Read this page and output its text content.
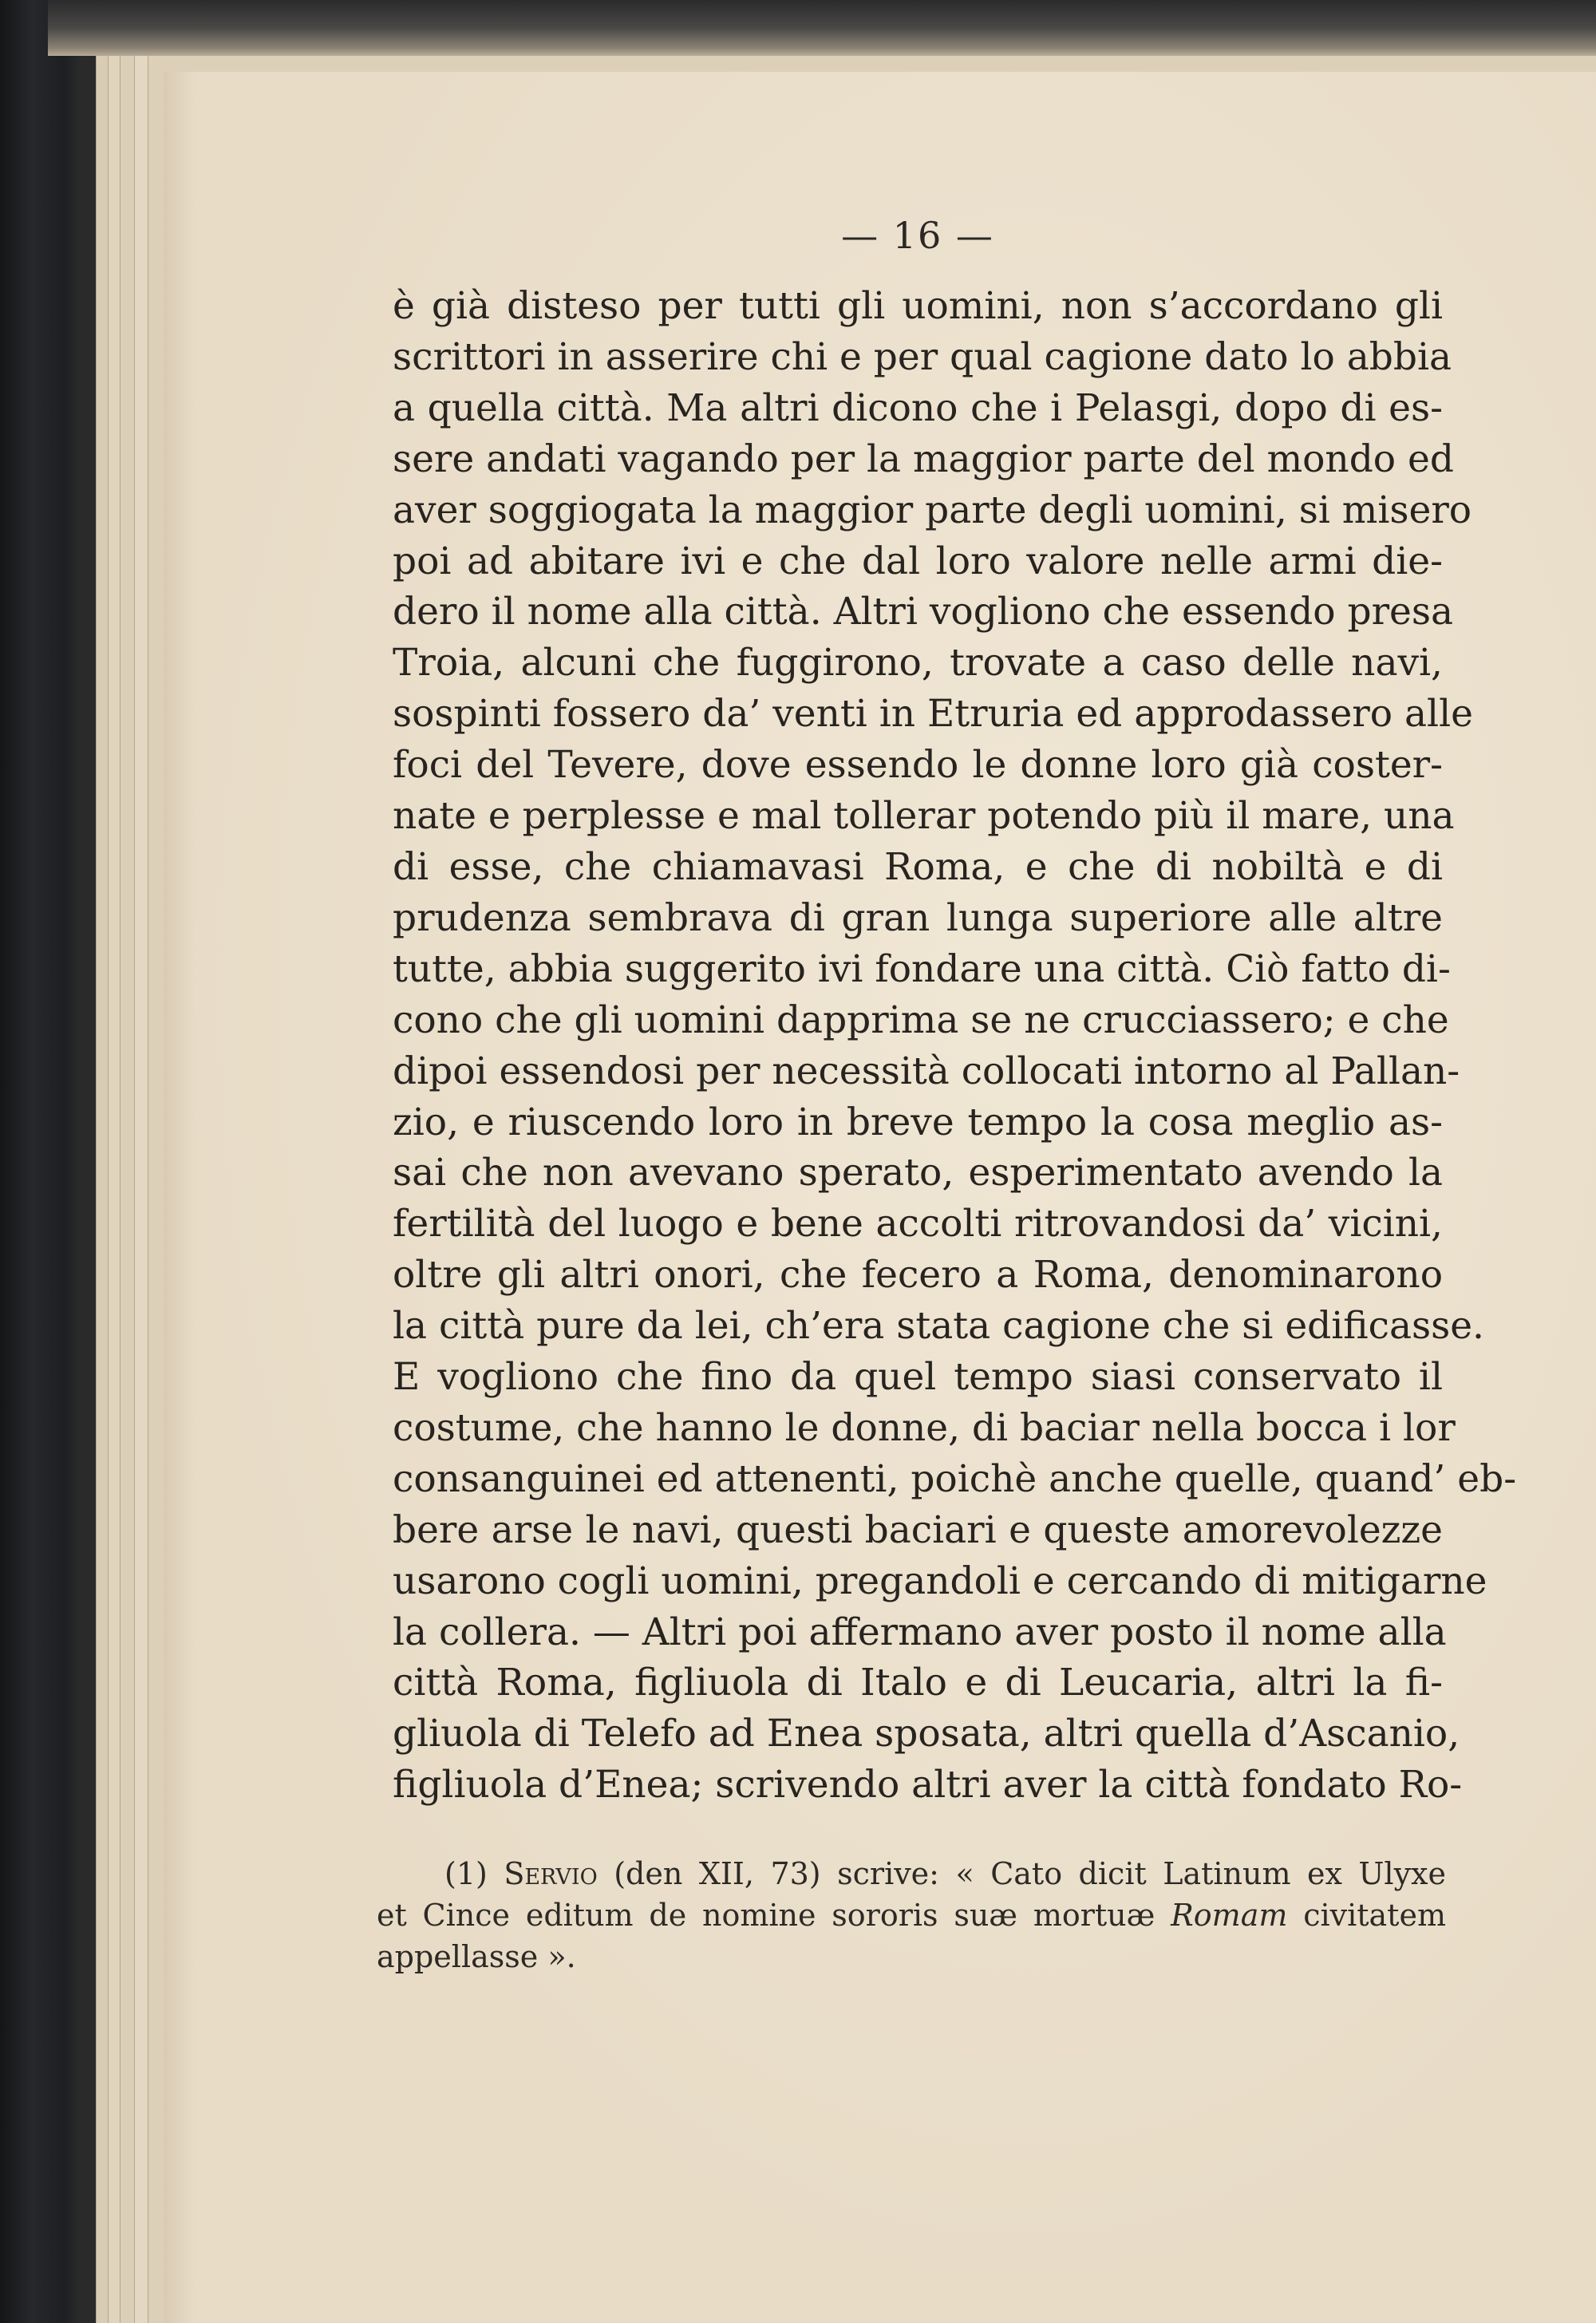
— 16 —
è già disteso per tutti gli uomini, non s’accordano gli
scrittori in asserire chi e per qual cagione dato lo abbia
a quella città. Ma altri dicono che i Pelasgi, dopo di es-
sere andati vagando per la maggior parte del mondo ed
aver soggiogata la maggior parte degli uomini, si misero
poi ad abitare ivi e che dal loro valore nelle armi die-
dero il nome alla città. Altri vogliono che essendo presa
Troia, alcuni che fuggirono, trovate a caso delle navi,
sospinti fossero da’ venti in Etruria ed approdassero alle
foci del Tevere, dove essendo le donne loro già coster-
nate e perplesse e mal tollerar potendo più il mare, una
di esse, che chiamavasi Roma, e che di nobiltà e di
prudenza sembrava di gran lunga superiore alle altre
tutte, abbia suggerito ivi fondare una città. Ciò fatto di-
cono che gli uomini dapprima se ne crucciassero; e che
dipoi essendosi per necessità collocati intorno al Pallan-
zio, e riuscendo loro in breve tempo la cosa meglio as-
sai che non avevano sperato, esperimentato avendo la
fertilità del luogo e bene accolti ritrovandosi da’ vicini,
oltre gli altri onori, che fecero a Roma, denominarono
la città pure da lei, ch’era stata cagione che si edificasse.
E vogliono che fino da quel tempo siasi conservato il
costume, che hanno le donne, di baciar nella bocca i lor
consanguinei ed attenenti, poichè anche quelle, quand’ eb-
bere arse le navi, questi baciari e queste amorevolezze
usarono cogli uomini, pregandoli e cercando di mitigarne
la collera. — Altri poi affermano aver posto il nome alla
città Roma, figliuola di Italo e di Leucaria, altri la fi-
gliuola di Telefo ad Enea sposata, altri quella d’Ascanio,
figliuola d’Enea; scrivendo altri aver la città fondato Ro-
(1) Servio (den XII, 73) scrive: « Cato dicit Latinum ex Ulyxe
et Cince editum de nomine sororis suæ mortuæ Romam civitatem
appellasse ».
